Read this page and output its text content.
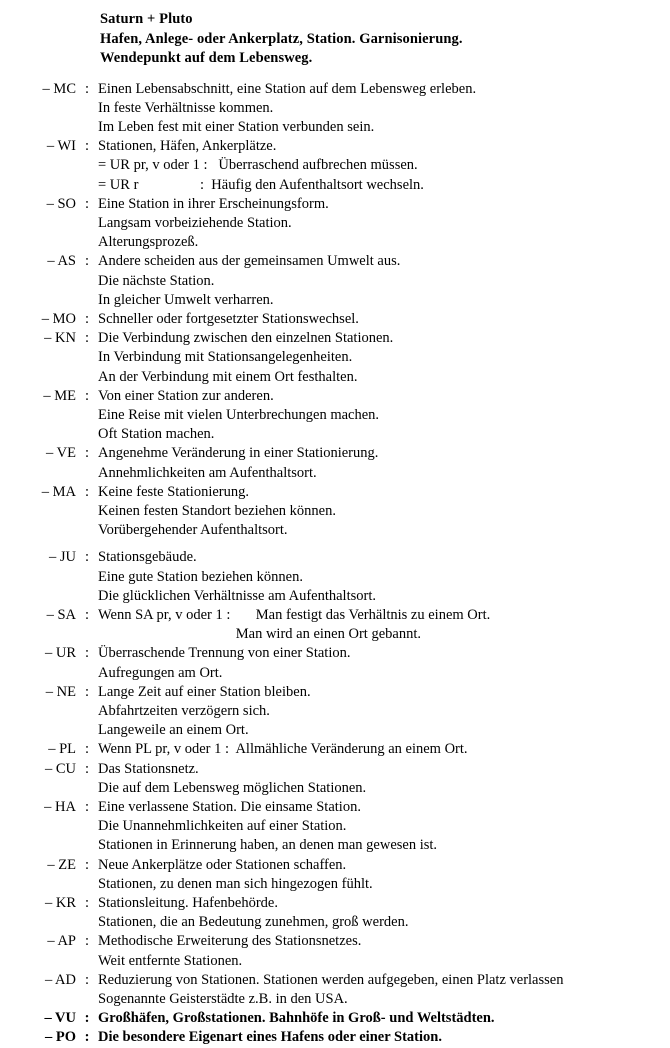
Saturn + Pluto
Hafen, Anlege- oder Ankerplatz, Station. Garnisonierung.
Wendepunkt auf dem Lebensweg.
– MC : Einen Lebensabschnitt, eine Station auf dem Lebensweg erleben.
In feste Verhältnisse kommen.
Im Leben fest mit einer Station verbunden sein.
– WI : Stationen, Häfen, Ankerplätze.
= UR pr, v oder 1 :   Überraschend aufbrechen müssen.
= UR r                 :  Häufig den Aufenthaltsort wechseln.
– SO : Eine Station in ihrer Erscheinungsform.
Langsam vorbeiziehende Station.
Alterungsprozeß.
– AS : Andere scheiden aus der gemeinsamen Umwelt aus.
Die nächste Station.
In gleicher Umwelt verharren.
– MO : Schneller oder fortgesetzter Stationswechsel.
– KN : Die Verbindung zwischen den einzelnen Stationen.
In Verbindung mit Stationsangelegenheiten.
An der Verbindung mit einem Ort festhalten.
– ME : Von einer Station zur anderen.
Eine Reise mit vielen Unterbrechungen machen.
Oft Station machen.
– VE : Angenehme Veränderung in einer Stationierung.
Annehmlichkeiten am Aufenthaltsort.
– MA : Keine feste Stationierung.
Keinen festen Standort beziehen können.
Vorübergehender Aufenthaltsort.
– JU : Stationsgebäude.
Eine gute Station beziehen können.
Die glücklichen Verhältnisse am Aufenthaltsort.
– SA : Wenn SA pr, v oder 1 :       Man festigt das Verhältnis zu einem Ort.
Man wird an einen Ort gebannt.
– UR : Überraschende Trennung von einer Station.
Aufregungen am Ort.
– NE : Lange Zeit auf einer Station bleiben.
Abfahrtzeiten verzögern sich.
Langeweile an einem Ort.
– PL : Wenn PL pr, v oder 1 :  Allmähliche Veränderung an einem Ort.
– CU : Das Stationsnetz.
Die auf dem Lebensweg möglichen Stationen.
– HA : Eine verlassene Station. Die einsame Station.
Die Unannehmlichkeiten auf einer Station.
Stationen in Erinnerung haben, an denen man gewesen ist.
– ZE : Neue Ankerplätze oder Stationen schaffen.
Stationen, zu denen man sich hingezogen fühlt.
– KR : Stationsleitung. Hafenbehörde.
Stationen, die an Bedeutung zunehmen, groß werden.
– AP : Methodische Erweiterung des Stationsnetzes.
Weit entfernte Stationen.
– AD : Reduzierung von Stationen. Stationen werden aufgegeben, einen Platz verlassen
Sogenannte Geisterstädte z.B. in den USA.
– VU : Großhäfen, Großstationen. Bahnhöfe in Groß- und Weltstädten.
– PO : Die besondere Eigenart eines Hafens oder einer Station.
